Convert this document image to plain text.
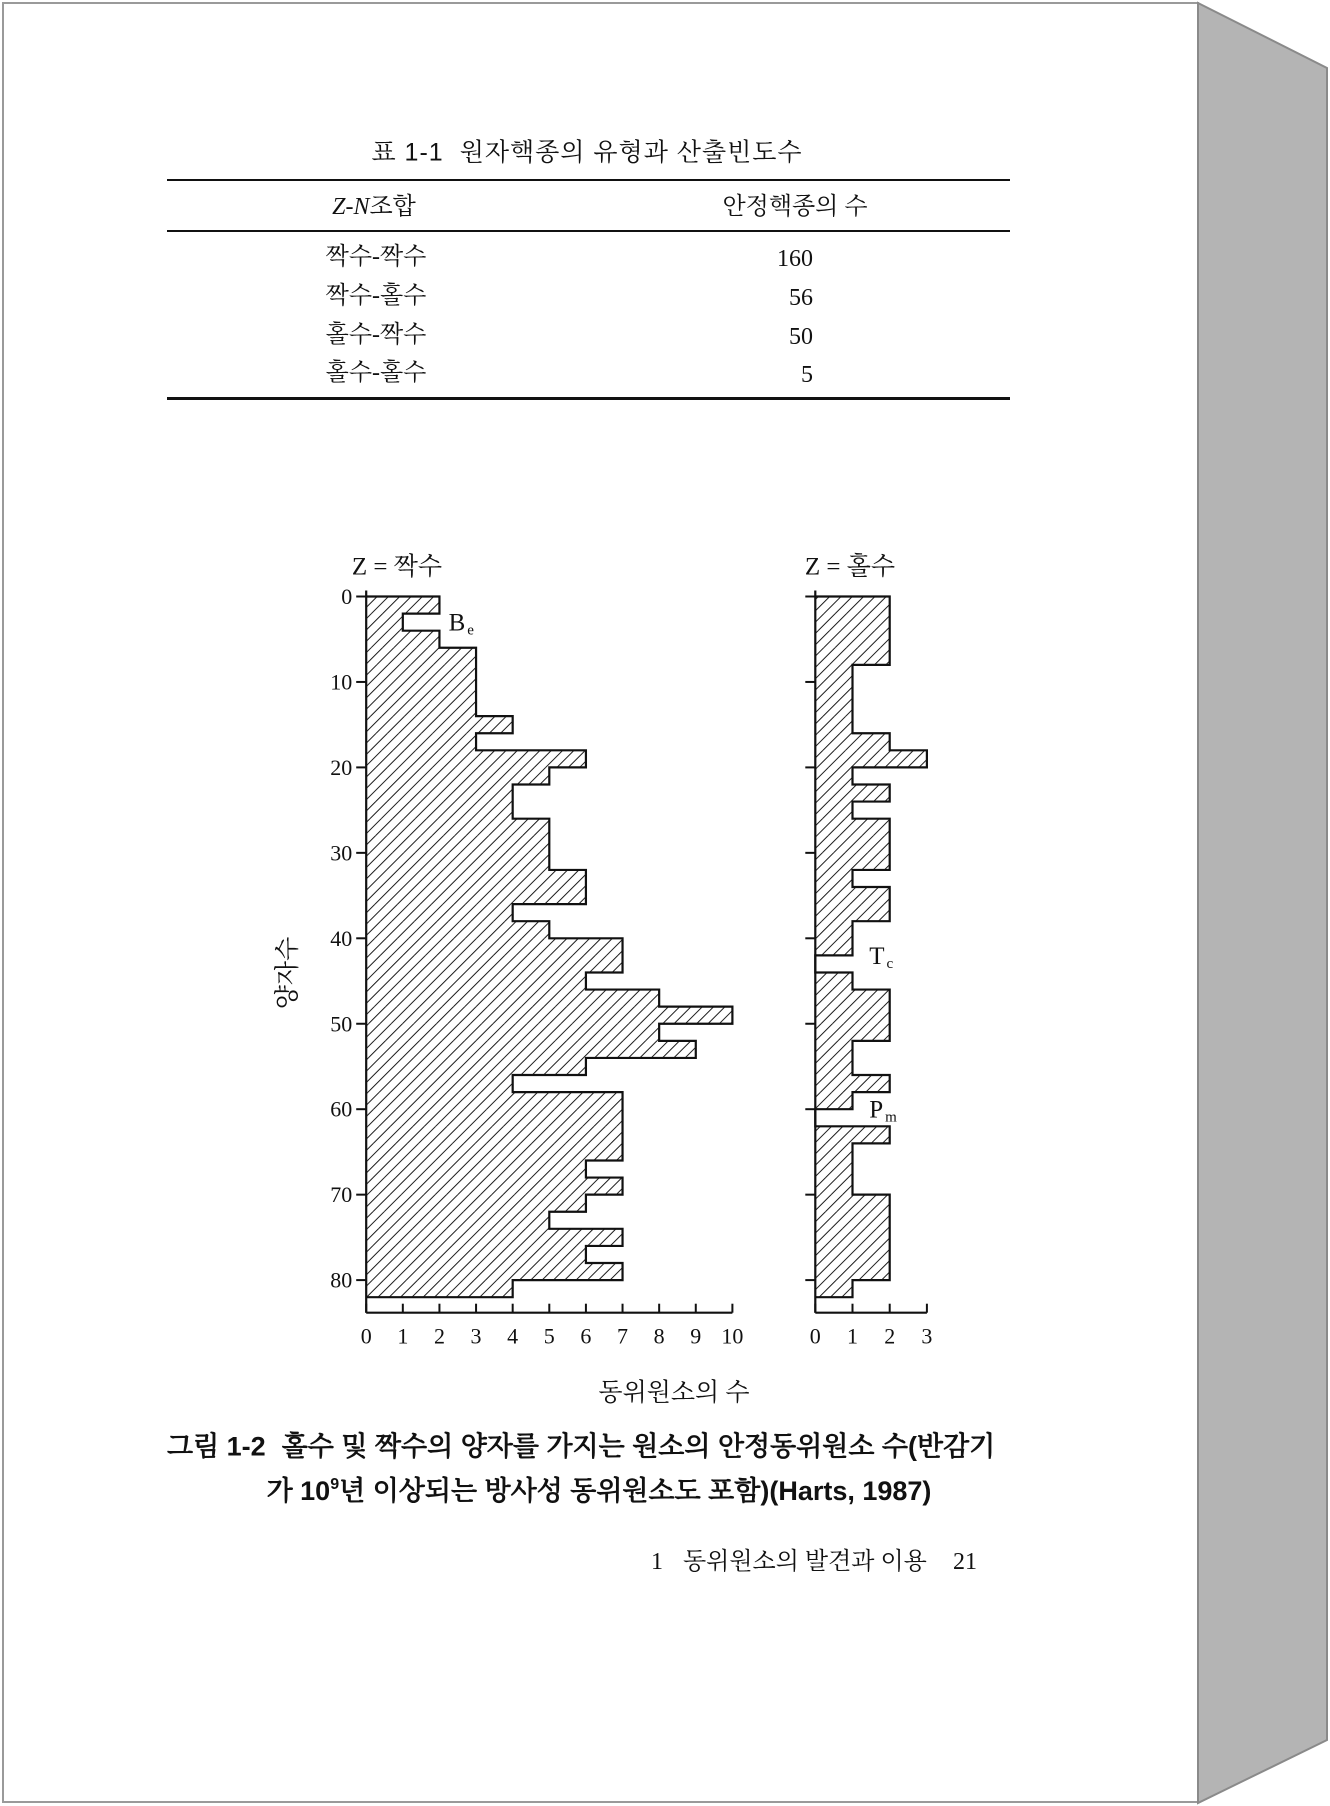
표 1-1 원자핵종의 유형과 산출빈도수
Z-N조합	안정핵종의 수
짝수-짝수	160
짝수-홀수	56
홀수-짝수	50
홀수-홀수	5
Z = 짝수
0
10
20
30
40
50
60
70
80
0 1 2 3 4 5 6 7 8 9 10
Be
Z = 홀수
0 1 2 3
Tc
Pm
양자수
동위원소의 수
그림 1-2 홀수 및 짝수의 양자를 가지는 원소의 안정동위원소 수(반감기
가 $10^9$년 이상되는 방사성 동위원소도 포함)(Harts, 1987)
1 동위원소의 발견과 이용 21
